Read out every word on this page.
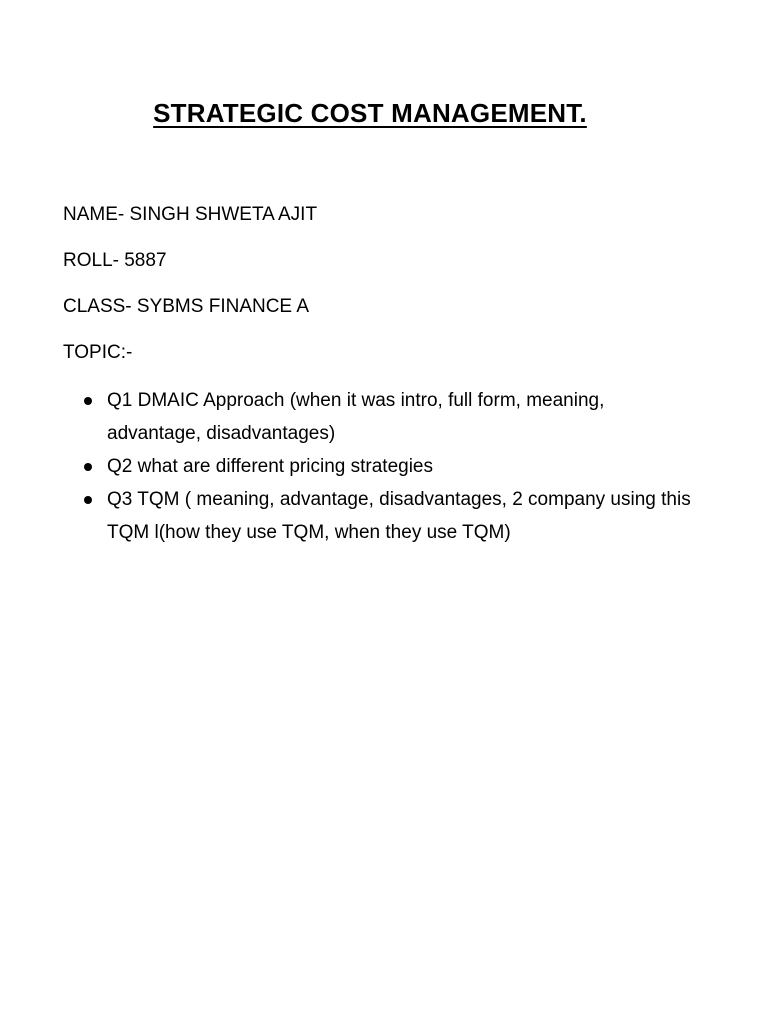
STRATEGIC COST MANAGEMENT.
NAME- SINGH SHWETA AJIT
ROLL- 5887
CLASS- SYBMS FINANCE A
TOPIC:-
Q1 DMAIC Approach (when it was intro, full form, meaning, advantage, disadvantages)
Q2 what are different pricing strategies
Q3 TQM ( meaning, advantage, disadvantages, 2 company using this TQM l(how they use TQM, when they use TQM)
